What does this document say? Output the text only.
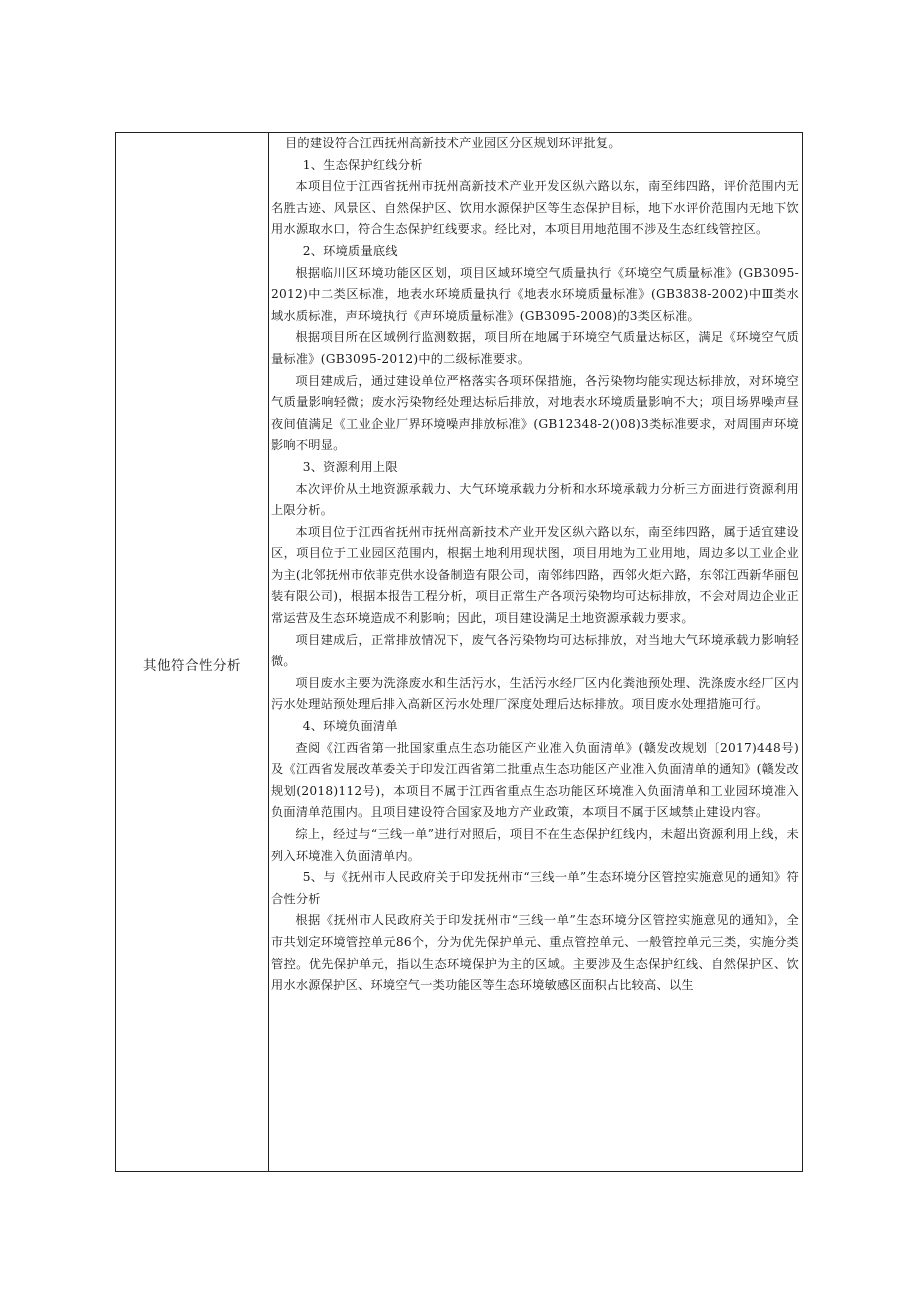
其他符合性分析

目的建设符合江西抚州高新技术产业园区分区规划环评批复。

1、生态保护红线分析

本项目位于江西省抚州市抚州高新技术产业开发区纵六路以东，南至纬四路，评价范围内无名胜古迹、风景区、自然保护区、饮用水源保护区等生态保护目标，地下水评价范围内无地下饮用水源取水口，符合生态保护红线要求。经比对，本项目用地范围不涉及生态红线管控区。

2、环境质量底线

根据临川区环境功能区区划，项目区域环境空气质量执行《环境空气质量标准》(GB3095-2012)中二类区标准，地表水环境质量执行《地表水环境质量标准》(GB3838-2002)中Ⅲ类水域水质标准，声环境执行《声环境质量标准》(GB3095-2008)的3类区标准。

根据项目所在区域例行监测数据，项目所在地属于环境空气质量达标区，满足《环境空气质量标准》(GB3095-2012)中的二级标准要求。

项目建成后，通过建设单位严格落实各项环保措施，各污染物均能实现达标排放，对环境空气质量影响轻微；废水污染物经处理达标后排放，对地表水环境质量影响不大；项目场界噪声昼夜间值满足《工业企业厂界环境噪声排放标准》(GB12348-2()08)3类标准要求，对周围声环境影响不明显。

3、资源利用上限

本次评价从土地资源承载力、大气环境承载力分析和水环境承载力分析三方面进行资源利用上限分析。

本项目位于江西省抚州市抚州高新技术产业开发区纵六路以东，南至纬四路，属于适宜建设区，项目位于工业园区范围内，根据土地利用现状图，项目用地为工业用地，周边多以工业企业为主(北邻抚州市依菲克供水设备制造有限公司，南邻纬四路，西邻火炬六路，东邻江西新华丽包装有限公司)，根据本报告工程分析，项目正常生产各项污染物均可达标排放，不会对周边企业正常运营及生态环境造成不利影响；因此，项目建设满足土地资源承载力要求。

项目建成后，正常排放情况下，废气各污染物均可达标排放，对当地大气环境承载力影响轻微。

项目废水主要为洗涤废水和生活污水，生活污水经厂区内化粪池预处理、洗涤废水经厂区内污水处理站预处理后排入高新区污水处理厂深度处理后达标排放。项目废水处理措施可行。

4、环境负面清单

查阅《江西省第一批国家重点生态功能区产业准入负面清单》(赣发改规划〔2017)448号)及《江西省发展改革委关于印发江西省第二批重点生态功能区产业准入负面清单的通知》(赣发改规划(2018)112号)，本项目不属于江西省重点生态功能区环境准入负面清单和工业园环境准入负面清单范围内。且项目建设符合国家及地方产业政策，本项目不属于区域禁止建设内容。

综上，经过与“三线一单”进行对照后，项目不在生态保护红线内，未超出资源利用上线，未列入环境准入负面清单内。

5、与《抚州市人民政府关于印发抚州市“三线一单”生态环境分区管控实施意见的通知》符合性分析

根据《抚州市人民政府关于印发抚州市“三线一单”生态环境分区管控实施意见的通知》，全市共划定环境管控单元86个，分为优先保护单元、重点管控单元、一般管控单元三类，实施分类管控。优先保护单元，指以生态环境保护为主的区域。主要涉及生态保护红线、自然保护区、饮用水水源保护区、环境空气一类功能区等生态环境敏感区面积占比较高、以生
